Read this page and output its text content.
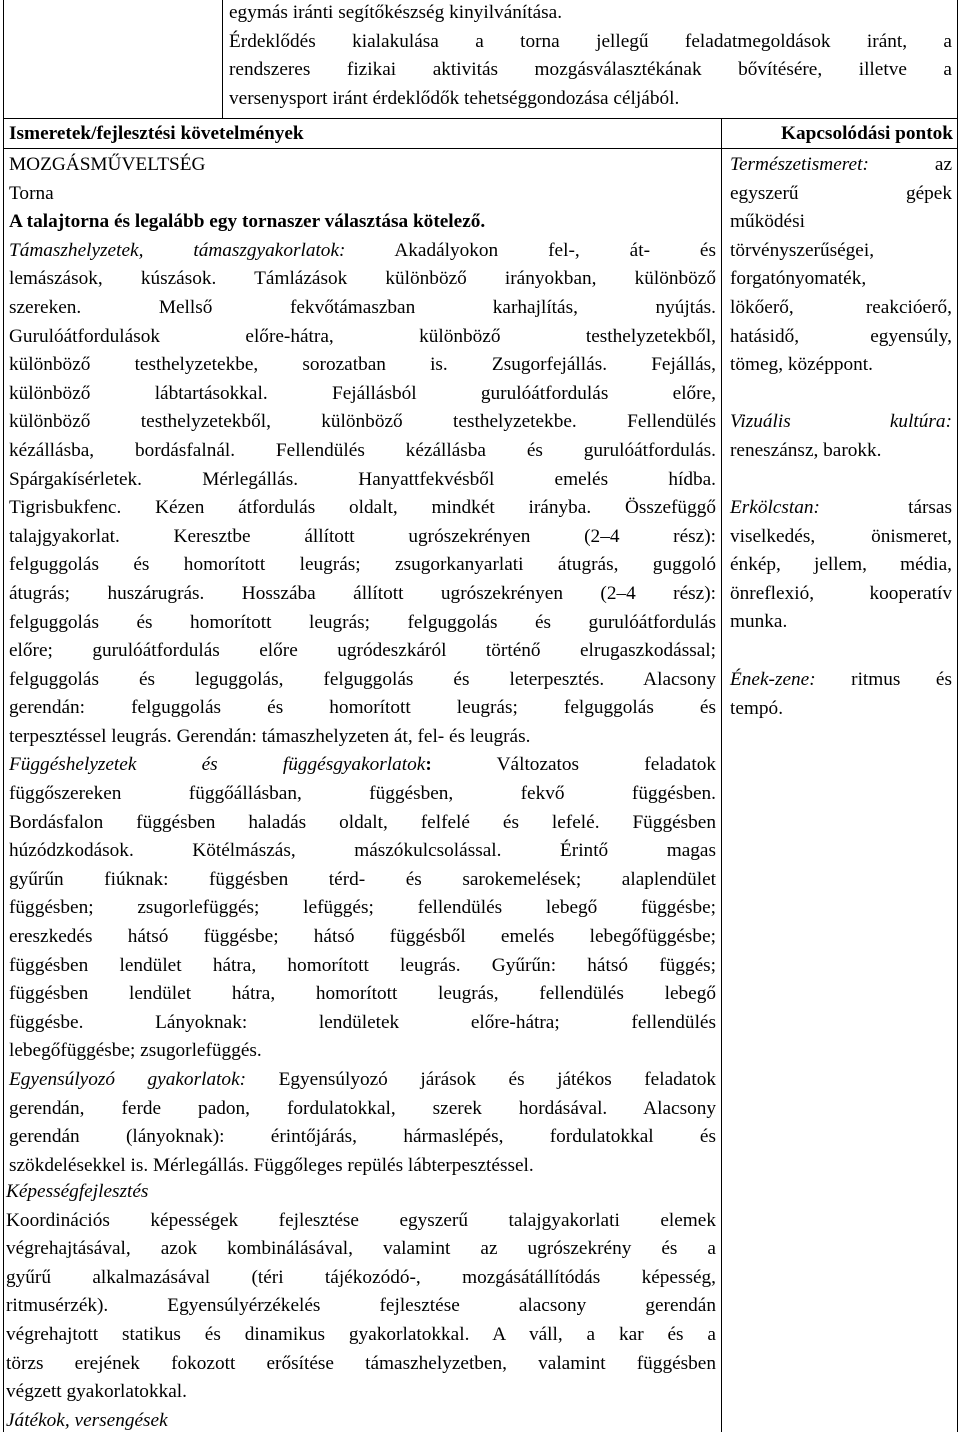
egymás iránti segítőkészség kinyilvánítása.
Érdeklődés kialakulása a torna jellegű feladatmegoldások iránt, a
rendszeres fizikai aktivitás mozgásválasztékának bővítésére, illetve a
versenysport iránt érdeklődők tehetséggondozása céljából.
Ismeretek/fejlesztési követelmények	Kapcsolódási pontok
MOZGÁSMŰVELTSÉG
Torna
A talajtorna és legalább egy tornaszer választása kötelező.
Támaszhelyzetek, támaszgyakorlatok: Akadályokon fel-, át- és
lemászások, kúszások. Támlázások különböző irányokban, különböző
szereken. Mellső fekvőtámaszban karhajlítás, nyújtás.
Gurulóátfordulások előre-hátra, különböző testhelyzetekből,
különböző testhelyzetekbe, sorozatban is. Zsugorfejállás. Fejállás,
különböző lábtartásokkal. Fejállásból gurulóátfordulás előre,
különböző testhelyzetekből, különböző testhelyzetekbe. Fellendülés
kézállásba, bordásfalnál. Fellendülés kézállásba és gurulóátfordulás.
Spárgakísérletek. Mérlegállás. Hanyattfekvésből emelés hídba.
Tigrisbukfenc. Kézen átfordulás oldalt, mindkét irányba. Összefüggő
talajgyakorlat. Keresztbe állított ugrószekrényen (2–4 rész):
felguggolás és homorított leugrás; zsugorkanyarlati átugrás, guggoló
átugrás; huszárugrás. Hosszába állított ugrószekrényen (2–4 rész):
felguggolás és homorított leugrás; felguggolás és gurulóátfordulás
előre; gurulóátfordulás előre ugródeszkáról történő elrugaszkodással;
felguggolás és leguggolás, felguggolás és leterpesztés. Alacsony
gerendán: felguggolás és homorított leugrás; felguggolás és
terpesztéssel leugrás. Gerendán: támaszhelyzeten át, fel- és leugrás.
Függéshelyzetek és függésgyakorlatok: Változatos feladatok
függőszereken függőállásban, függésben, fekvő függésben.
Bordásfalon függésben haladás oldalt, felfelé és lefelé. Függésben
húzódzkodások. Kötélmászás, mászókulcsolással. Érintő magas
gyűrűn fiúknak: függésben térd- és sarokemelések; alaplendület
függésben; zsugorlefüggés; lefüggés; fellendülés lebegő függésbe;
ereszkedés hátsó függésbe; hátsó függésből emelés lebegőfüggésbe;
függésben lendület hátra, homorított leugrás. Gyűrűn: hátsó függés;
függésben lendület hátra, homorított leugrás, fellendülés lebegő
függésbe. Lányoknak: lendületek előre-hátra; fellendülés
lebegőfüggésbe; zsugorlefüggés.
Egyensúlyozó gyakorlatok: Egyensúlyozó járások és játékos feladatok
gerendán, ferde padon, fordulatokkal, szerek hordásával. Alacsony
gerendán (lányoknak): érintőjárás, hármaslépés, fordulatokkal és
szökdelésekkel is. Mérlegállás. Függőleges repülés lábterpesztéssel.
Képességfejlesztés
Koordinációs képességek fejlesztése egyszerű talajgyakorlati elemek
végrehajtásával, azok kombinálásával, valamint az ugrószekrény és a
gyűrű alkalmazásával (téri tájékozódó-, mozgásátállítódás képesség,
ritmusérzék). Egyensúlyérzékelés fejlesztése alacsony gerendán
végrehajtott statikus és dinamikus gyakorlatokkal. A váll, a kar és a
törzs erejének fokozott erősítése támaszhelyzetben, valamint függésben
végzett gyakorlatokkal.
Játékok, versengések
Természetismeret: az
egyszerű gépek
működési
törvényszerűségei,
forgatónyomaték,
lökőerő, reakcióerő,
hatásidő, egyensúly,
tömeg, középpont.
Vizuális kultúra:
reneszánsz, barokk.
Erkölcstan: társas
viselkedés, önismeret,
énkép, jellem, média,
önreflexió, kooperatív
munka.
Ének-zene: ritmus és
tempó.
